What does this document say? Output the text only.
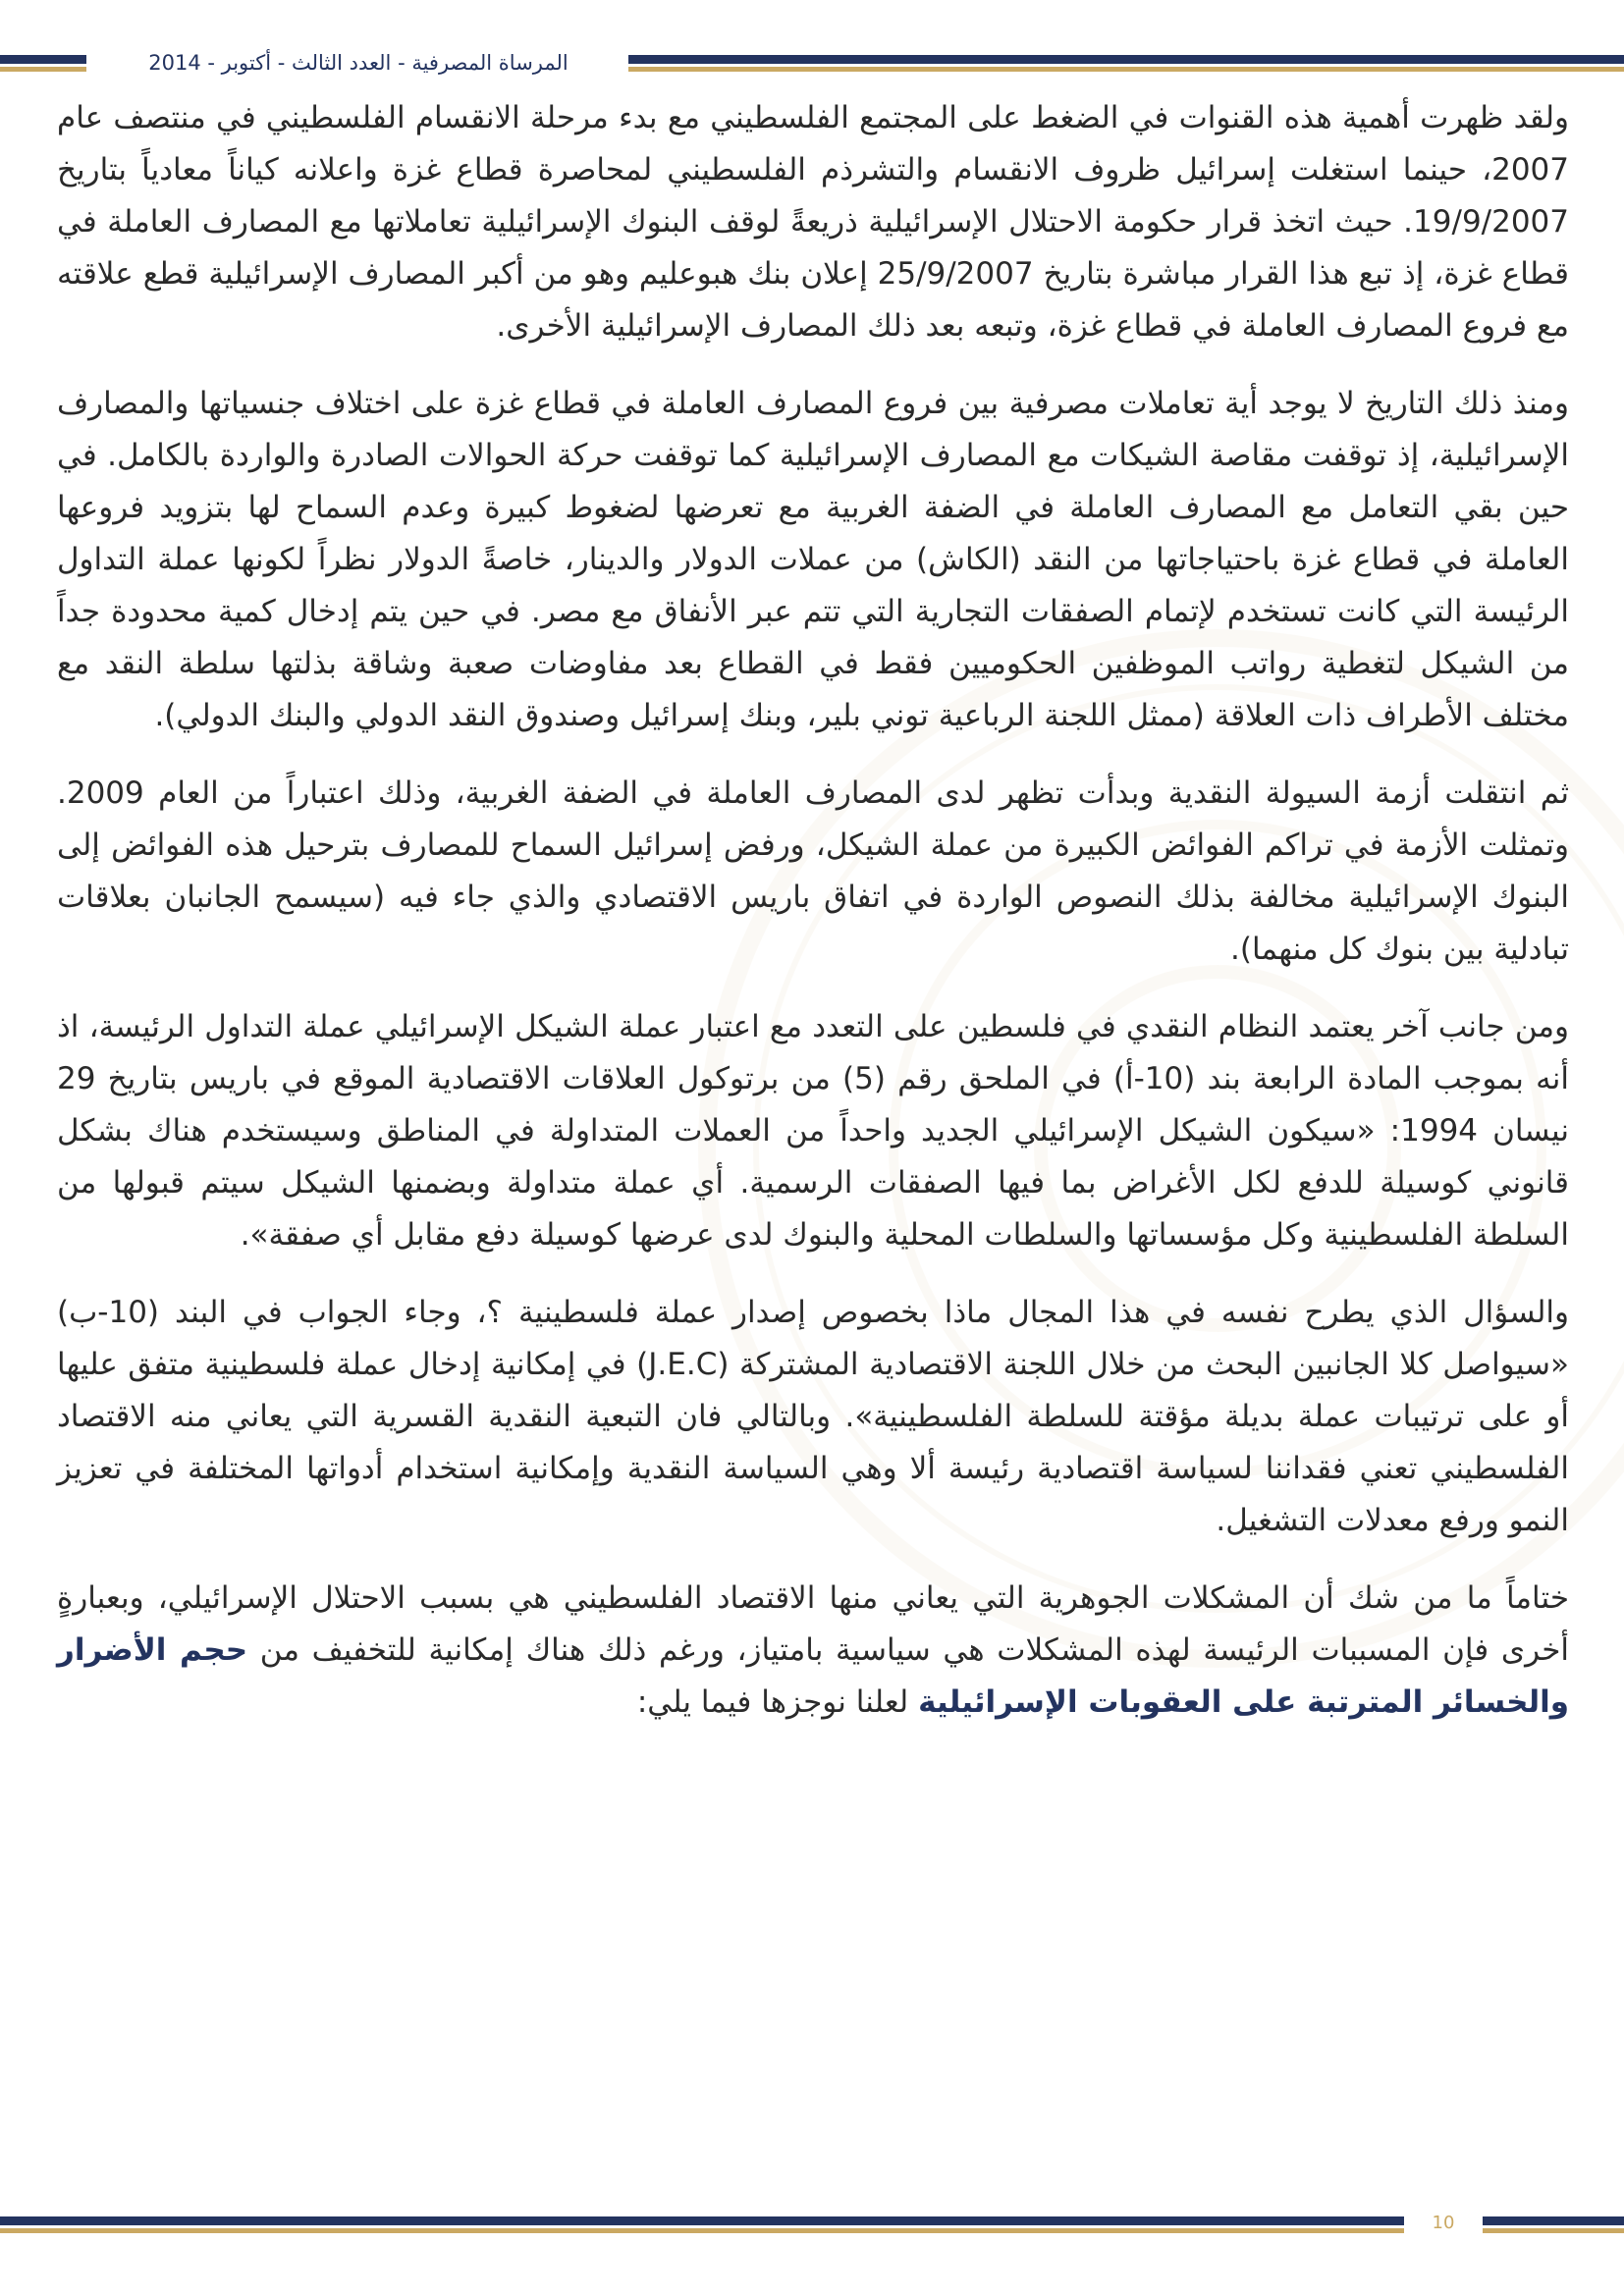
المرساة المصرفية - العدد الثالث - أكتوبر - 2014

ولقد ظهرت أهمية هذه القنوات في الضغط على المجتمع الفلسطيني مع بدء مرحلة الانقسام الفلسطيني في منتصف عام 2007، حينما استغلت إسرائيل ظروف الانقسام والتشرذم الفلسطيني لمحاصرة قطاع غزة واعلانه كياناً معادياً بتاريخ 19/9/2007. حيث اتخذ قرار حكومة الاحتلال الإسرائيلية ذريعةً لوقف البنوك الإسرائيلية تعاملاتها مع المصارف العاملة في قطاع غزة، إذ تبع هذا القرار مباشرة بتاريخ 25/9/2007 إعلان بنك هبوعليم وهو من أكبر المصارف الإسرائيلية قطع علاقته مع فروع المصارف العاملة في قطاع غزة، وتبعه بعد ذلك المصارف الإسرائيلية الأخرى.

ومنذ ذلك التاريخ لا يوجد أية تعاملات مصرفية بين فروع المصارف العاملة في قطاع غزة على اختلاف جنسياتها والمصارف الإسرائيلية، إذ توقفت مقاصة الشيكات مع المصارف الإسرائيلية كما توقفت حركة الحوالات الصادرة والواردة بالكامل. في حين بقي التعامل مع المصارف العاملة في الضفة الغربية مع تعرضها لضغوط كبيرة وعدم السماح لها بتزويد فروعها العاملة في قطاع غزة باحتياجاتها من النقد (الكاش) من عملات الدولار والدينار، خاصةً الدولار نظراً لكونها عملة التداول الرئيسة التي كانت تستخدم لإتمام الصفقات التجارية التي تتم عبر الأنفاق مع مصر. في حين يتم إدخال كمية محدودة جداً من الشيكل لتغطية رواتب الموظفين الحكوميين فقط في القطاع بعد مفاوضات صعبة وشاقة بذلتها سلطة النقد مع مختلف الأطراف ذات العلاقة (ممثل اللجنة الرباعية توني بلير، وبنك إسرائيل وصندوق النقد الدولي والبنك الدولي).

ثم انتقلت أزمة السيولة النقدية وبدأت تظهر لدى المصارف العاملة في الضفة الغربية، وذلك اعتباراً من العام 2009. وتمثلت الأزمة في تراكم الفوائض الكبيرة من عملة الشيكل، ورفض إسرائيل السماح للمصارف بترحيل هذه الفوائض إلى البنوك الإسرائيلية مخالفة بذلك النصوص الواردة في اتفاق باريس الاقتصادي والذي جاء فيه (سيسمح الجانبان بعلاقات تبادلية بين بنوك كل منهما).

ومن جانب آخر يعتمد النظام النقدي في فلسطين على التعدد مع اعتبار عملة الشيكل الإسرائيلي عملة التداول الرئيسة، اذ أنه بموجب المادة الرابعة بند (10-أ) في الملحق رقم (5) من برتوكول العلاقات الاقتصادية الموقع في باريس بتاريخ 29 نيسان 1994: «سيكون الشيكل الإسرائيلي الجديد واحداً من العملات المتداولة في المناطق وسيستخدم هناك بشكل قانوني كوسيلة للدفع لكل الأغراض بما فيها الصفقات الرسمية. أي عملة متداولة وبضمنها الشيكل سيتم قبولها من السلطة الفلسطينية وكل مؤسساتها والسلطات المحلية والبنوك لدى عرضها كوسيلة دفع مقابل أي صفقة».

والسؤال الذي يطرح نفسه في هذا المجال ماذا بخصوص إصدار عملة فلسطينية ؟، وجاء الجواب في البند (10-ب) «سيواصل كلا الجانبين البحث من خلال اللجنة الاقتصادية المشتركة (J.E.C) في إمكانية إدخال عملة فلسطينية متفق عليها أو على ترتيبات عملة بديلة مؤقتة للسلطة الفلسطينية». وبالتالي فان التبعية النقدية القسرية التي يعاني منه الاقتصاد الفلسطيني تعني فقداننا لسياسة اقتصادية رئيسة ألا وهي السياسة النقدية وإمكانية استخدام أدواتها المختلفة في تعزيز النمو ورفع معدلات التشغيل.

ختاماً ما من شك أن المشكلات الجوهرية التي يعاني منها الاقتصاد الفلسطيني هي بسبب الاحتلال الإسرائيلي، وبعبارةٍ أخرى فإن المسببات الرئيسة لهذه المشكلات هي سياسية بامتياز، ورغم ذلك هناك إمكانية للتخفيف من حجم الأضرار والخسائر المترتبة على العقوبات الإسرائيلية لعلنا نوجزها فيما يلي:

10
